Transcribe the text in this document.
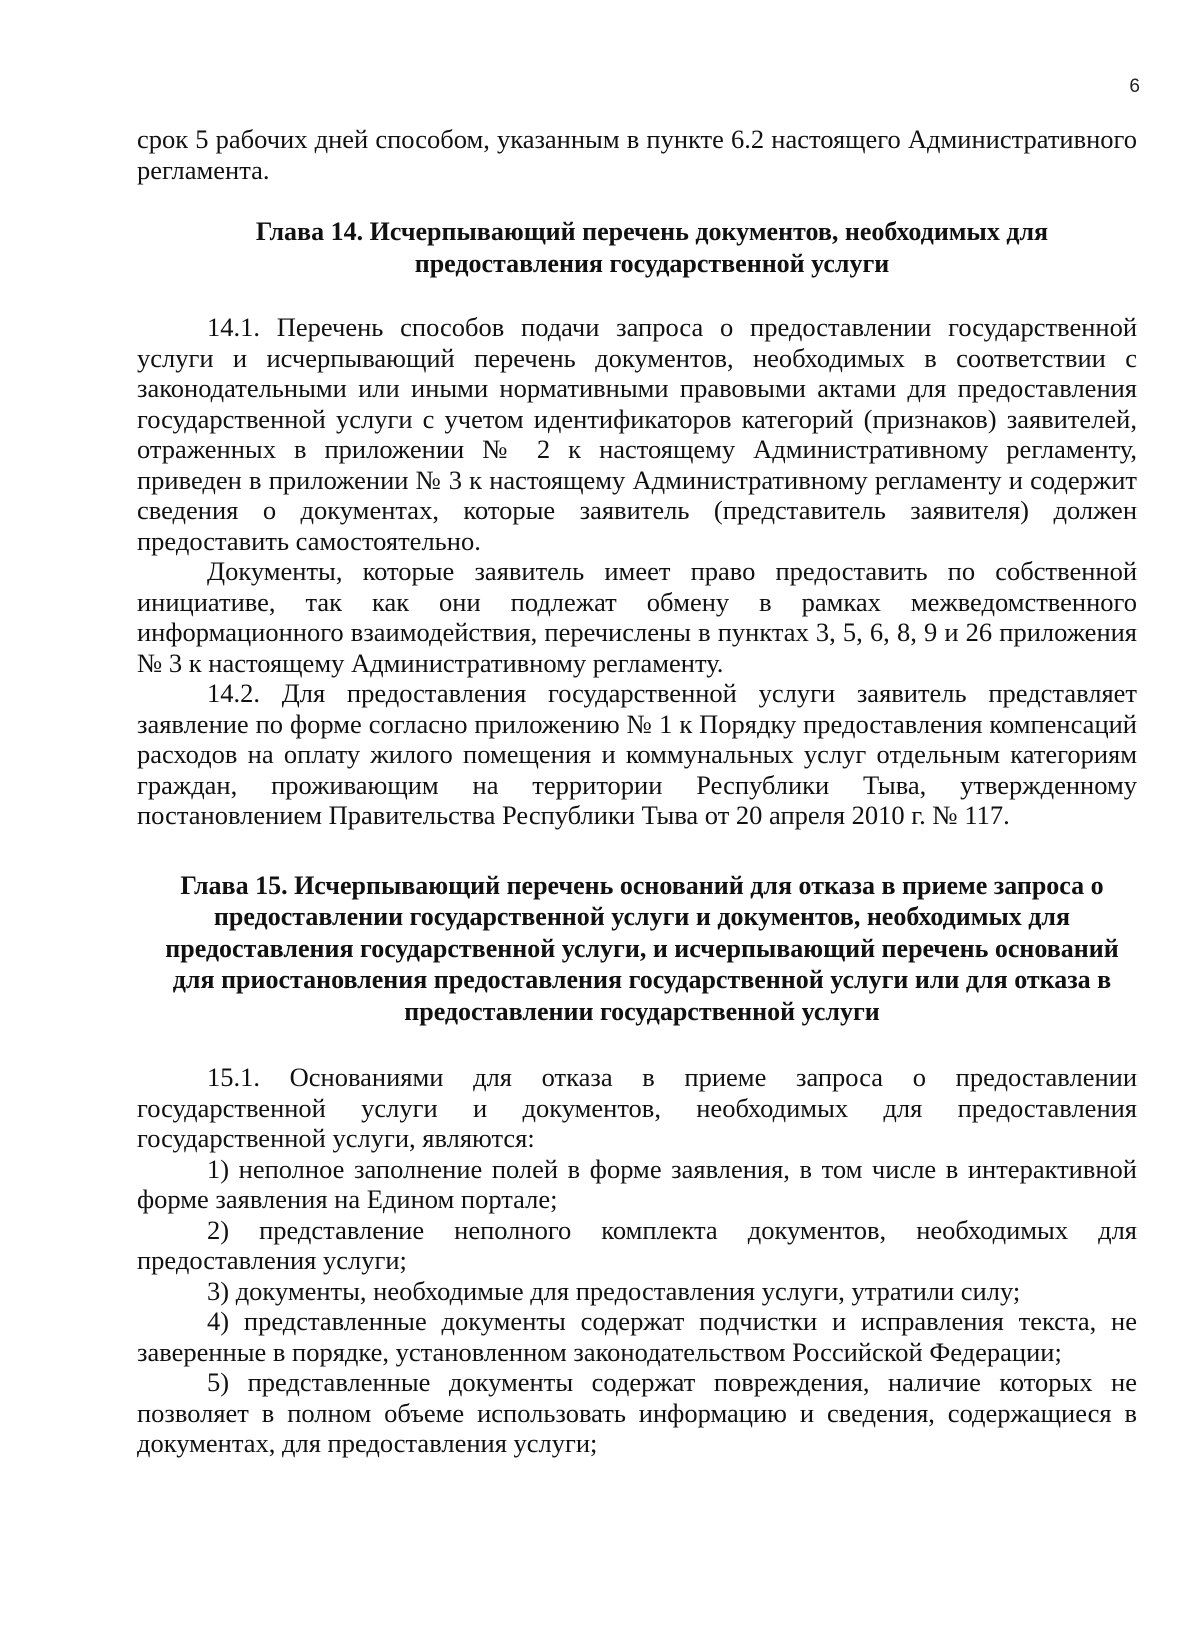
6

срок 5 рабочих дней способом, указанным в пункте 6.2 настоящего Административного регламента.

Глава 14. Исчерпывающий перечень документов, необходимых для предоставления государственной услуги

14.1. Перечень способов подачи запроса о предоставлении государственной услуги и исчерпывающий перечень документов, необходимых в соответствии с законодательными или иными нормативными правовыми актами для предоставления государственной услуги с учетом идентификаторов категорий (признаков) заявителей, отраженных в приложении № 2 к настоящему Административному регламенту, приведен в приложении № 3 к настоящему Административному регламенту и содержит сведения о документах, которые заявитель (представитель заявителя) должен предоставить самостоятельно.

Документы, которые заявитель имеет право предоставить по собственной инициативе, так как они подлежат обмену в рамках межведомственного информационного взаимодействия, перечислены в пунктах 3, 5, 6, 8, 9 и 26 приложения № 3 к настоящему Административному регламенту.

14.2. Для предоставления государственной услуги заявитель представляет заявление по форме согласно приложению № 1 к Порядку предоставления компенсаций расходов на оплату жилого помещения и коммунальных услуг отдельным категориям граждан, проживающим на территории Республики Тыва, утвержденному постановлением Правительства Республики Тыва от 20 апреля 2010 г. № 117.

Глава 15. Исчерпывающий перечень оснований для отказа в приеме запроса о предоставлении государственной услуги и документов, необходимых для предоставления государственной услуги, и исчерпывающий перечень оснований для приостановления предоставления государственной услуги или для отказа в предоставлении государственной услуги

15.1. Основаниями для отказа в приеме запроса о предоставлении государственной услуги и документов, необходимых для предоставления государственной услуги, являются:

1) неполное заполнение полей в форме заявления, в том числе в интерактивной форме заявления на Едином портале;

2) представление неполного комплекта документов, необходимых для предоставления услуги;

3) документы, необходимые для предоставления услуги, утратили силу;

4) представленные документы содержат подчистки и исправления текста, не заверенные в порядке, установленном законодательством Российской Федерации;

5) представленные документы содержат повреждения, наличие которых не позволяет в полном объеме использовать информацию и сведения, содержащиеся в документах, для предоставления услуги;
